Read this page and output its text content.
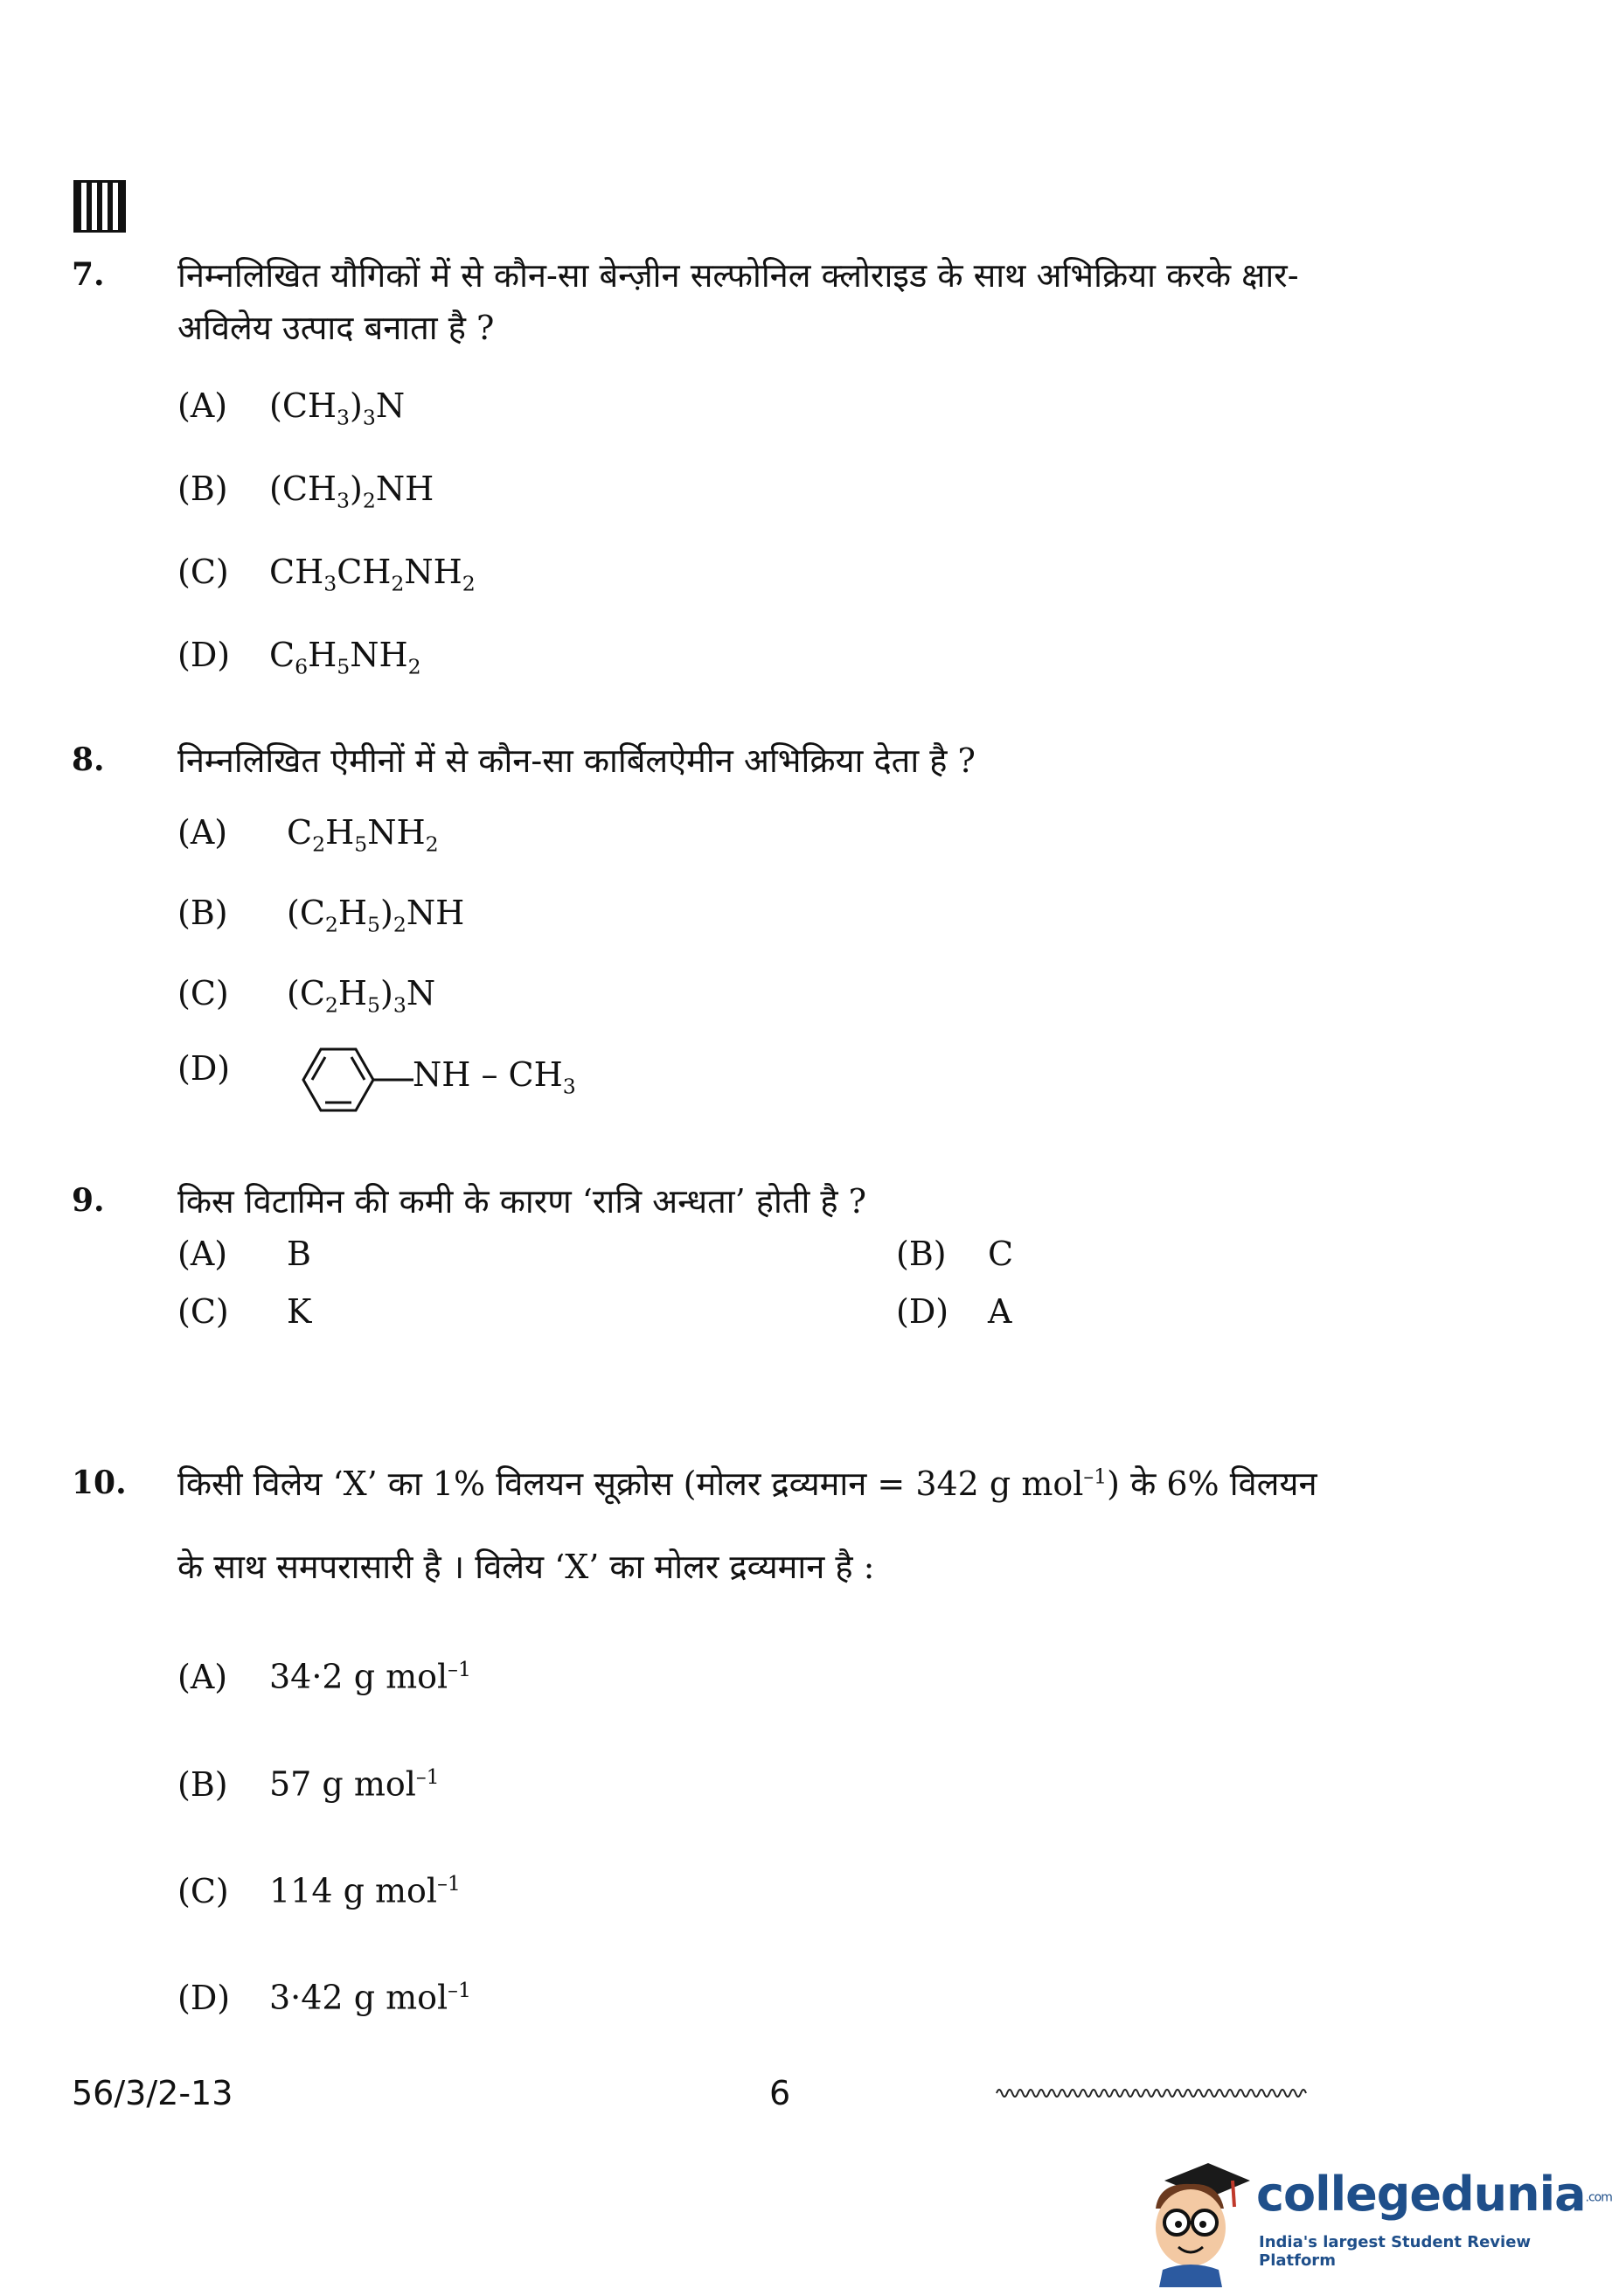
7. निम्नलिखित यौगिकों में से कौन-सा बेन्ज़ीन सल्फोनिल क्लोराइड के साथ अभिक्रिया करके क्षार-अविलेय उत्पाद बनाता है ?
(A) $(CH_3)_3N$
(B) $(CH_3)_2NH$
(C) $CH_3CH_2NH_2$
(D) $C_6H_5NH_2$
8. निम्नलिखित ऐमीनों में से कौन-सा कार्बिलऐमीन अभिक्रिया देता है ?
(A) $C_2H_5NH_2$
(B) $(C_2H_5)_2NH$
(C) $(C_2H_5)_3N$
(D)	NH – $CH_3$
9. किस विटामिन की कमी के कारण ‘रात्रि अन्धता’ होती है ?
(A) B	(B) C
(C) K	(D) A
10. किसी विलेय ‘X’ का 1% विलयन सूक्रोस (मोलर द्रव्यमान = 342 g mol$^{-1}$) के 6% विलयन
के साथ समपरासारी है । विलेय ‘X’ का मोलर द्रव्यमान है :
(A) 34·2 g mol$^{-1}$
(B) 57 g mol$^{-1}$
(C) 114 g mol$^{-1}$
(D) 3·42 g mol$^{-1}$
56/3/2-13	6
collegedunia.com
India's largest Student Review Platform
